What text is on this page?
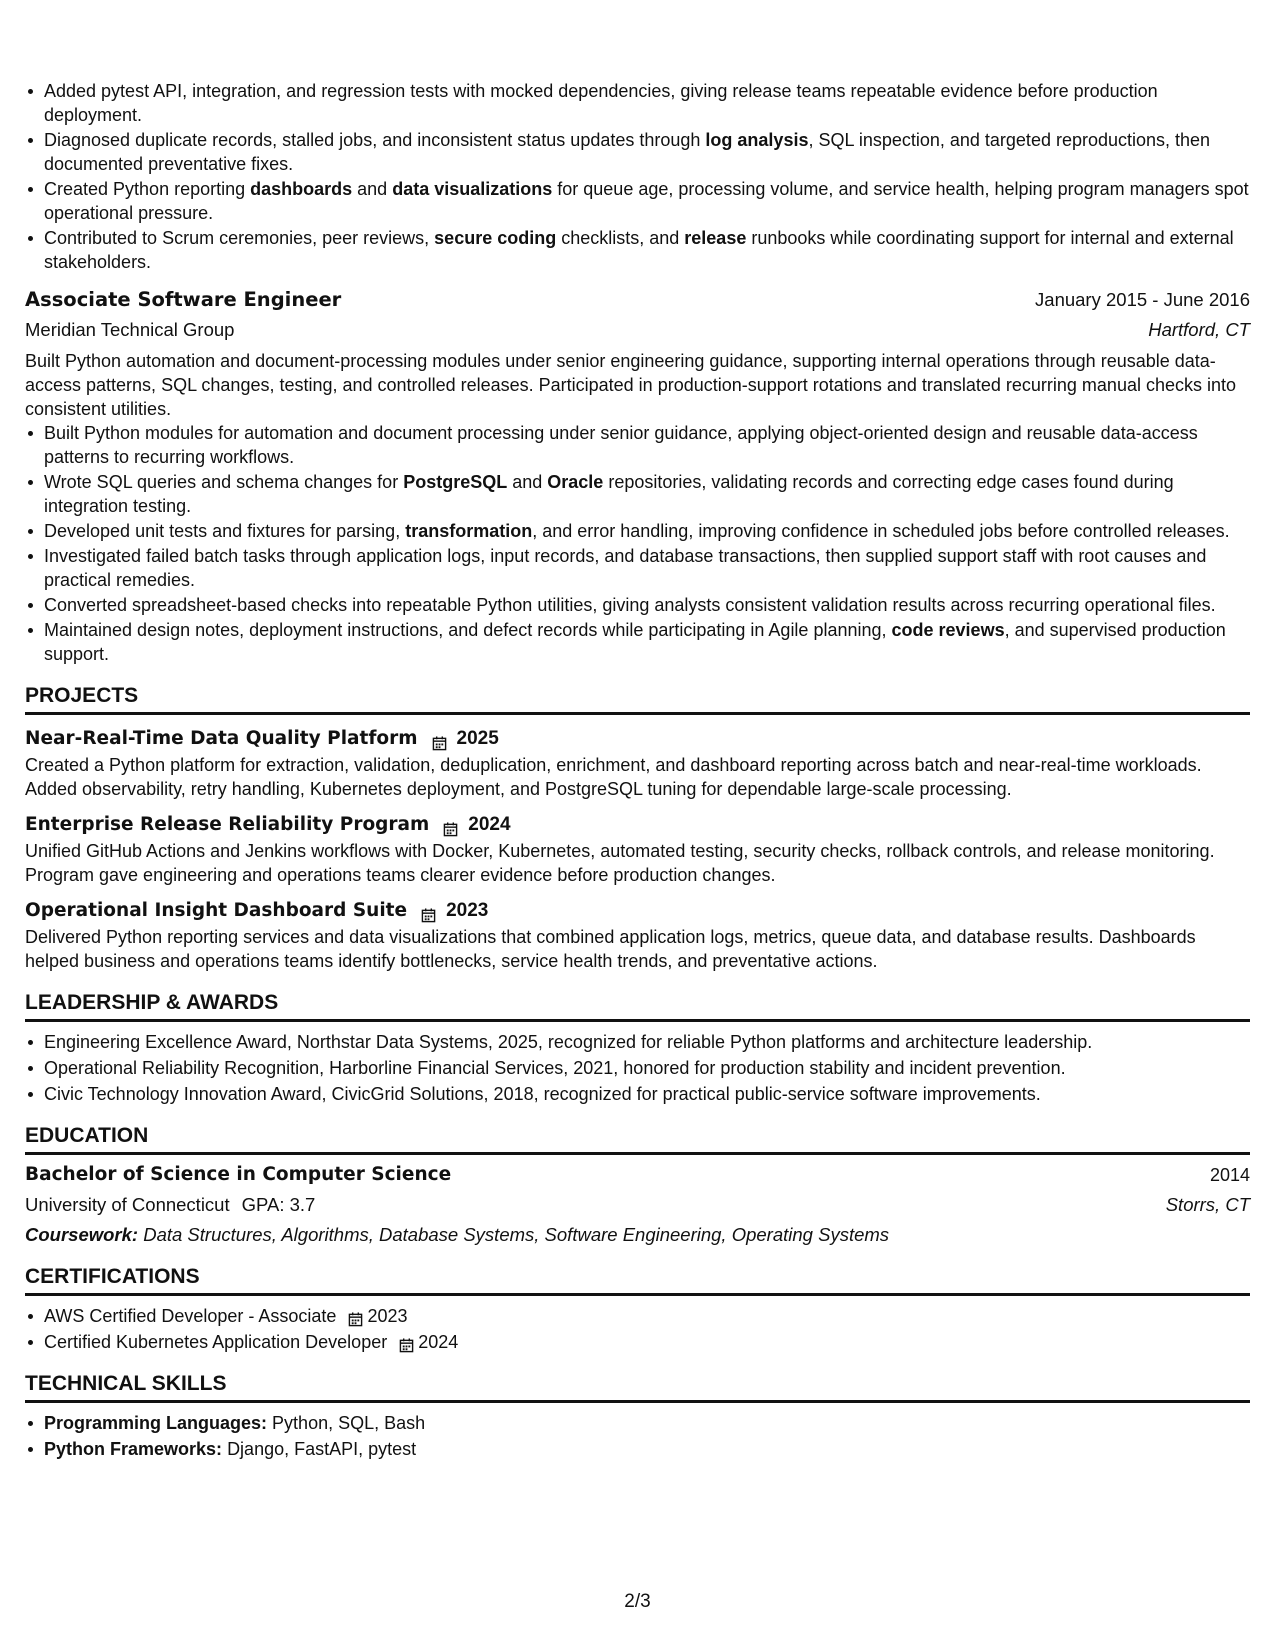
Added pytest API, integration, and regression tests with mocked dependencies, giving release teams repeatable evidence before production deployment.
Diagnosed duplicate records, stalled jobs, and inconsistent status updates through log analysis, SQL inspection, and targeted reproductions, then documented preventative fixes.
Created Python reporting dashboards and data visualizations for queue age, processing volume, and service health, helping program managers spot operational pressure.
Contributed to Scrum ceremonies, peer reviews, secure coding checklists, and release runbooks while coordinating support for internal and external stakeholders.
Associate Software Engineer	January 2015 - June 2016
Meridian Technical Group	Hartford, CT

Built Python automation and document-processing modules under senior engineering guidance, supporting internal operations through reusable data-access patterns, SQL changes, testing, and controlled releases. Participated in production-support rotations and translated recurring manual checks into consistent utilities.

Built Python modules for automation and document processing under senior guidance, applying object-oriented design and reusable data-access patterns to recurring workflows.
Wrote SQL queries and schema changes for PostgreSQL and Oracle repositories, validating records and correcting edge cases found during integration testing.
Developed unit tests and fixtures for parsing, transformation, and error handling, improving confidence in scheduled jobs before controlled releases.
Investigated failed batch tasks through application logs, input records, and database transactions, then supplied support staff with root causes and practical remedies.
Converted spreadsheet-based checks into repeatable Python utilities, giving analysts consistent validation results across recurring operational files.
Maintained design notes, deployment instructions, and defect records while participating in Agile planning, code reviews, and supervised production support.
PROJECTS
Near-Real-Time Data Quality Platform 2025

Created a Python platform for extraction, validation, deduplication, enrichment, and dashboard reporting across batch and near-real-time workloads. Added observability, retry handling, Kubernetes deployment, and PostgreSQL tuning for dependable large-scale processing.

Enterprise Release Reliability Program 2024

Unified GitHub Actions and Jenkins workflows with Docker, Kubernetes, automated testing, security checks, rollback controls, and release monitoring. Program gave engineering and operations teams clearer evidence before production changes.

Operational Insight Dashboard Suite 2023

Delivered Python reporting services and data visualizations that combined application logs, metrics, queue data, and database results. Dashboards helped business and operations teams identify bottlenecks, service health trends, and preventative actions.

LEADERSHIP & AWARDS
Engineering Excellence Award, Northstar Data Systems, 2025, recognized for reliable Python platforms and architecture leadership.
Operational Reliability Recognition, Harborline Financial Services, 2021, honored for production stability and incident prevention.
Civic Technology Innovation Award, CivicGrid Solutions, 2018, recognized for practical public-service software improvements.
EDUCATION
Bachelor of Science in Computer Science	2014
University of Connecticut GPA: 3.7	Storrs, CT
Coursework: Data Structures, Algorithms, Database Systems, Software Engineering, Operating Systems
CERTIFICATIONS
AWS Certified Developer - Associate 2023
Certified Kubernetes Application Developer 2024
TECHNICAL SKILLS
Programming Languages: Python, SQL, Bash
Python Frameworks: Django, FastAPI, pytest
2/3
